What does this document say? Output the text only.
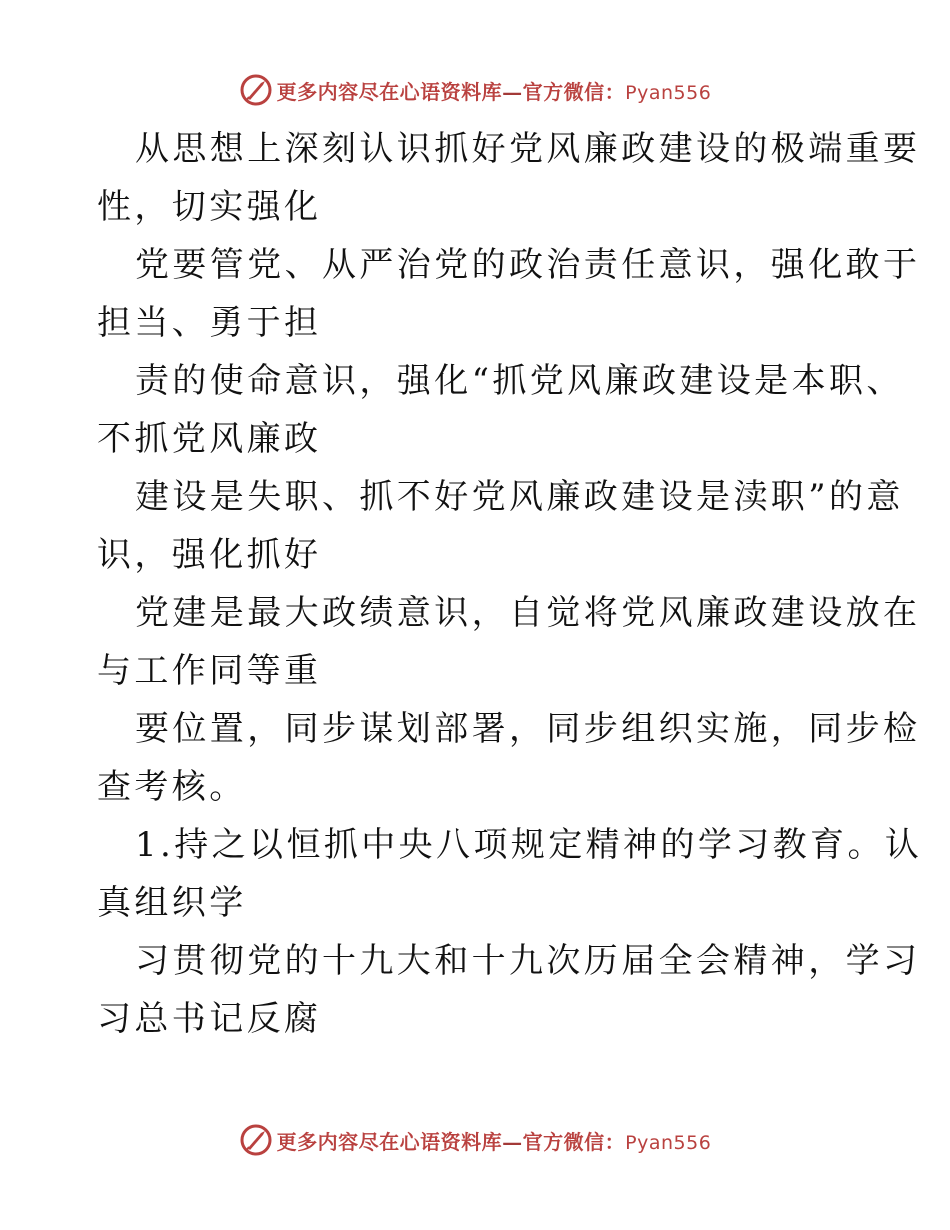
更多内容尽在心语资料库—官方微信：Pyan556
从思想上深刻认识抓好党风廉政建设的极端重要
性，切实强化
党要管党、从严治党的政治责任意识，强化敢于
担当、勇于担
责的使命意识，强化“抓党风廉政建设是本职、
不抓党风廉政
建设是失职、抓不好党风廉政建设是渎职”的意
识，强化抓好
党建是最大政绩意识，自觉将党风廉政建设放在
与工作同等重
要位置，同步谋划部署，同步组织实施，同步检
查考核。
1.持之以恒抓中央八项规定精神的学习教育。认
真组织学
习贯彻党的十九大和十九次历届全会精神，学习
习总书记反腐
更多内容尽在心语资料库—官方微信：Pyan556
